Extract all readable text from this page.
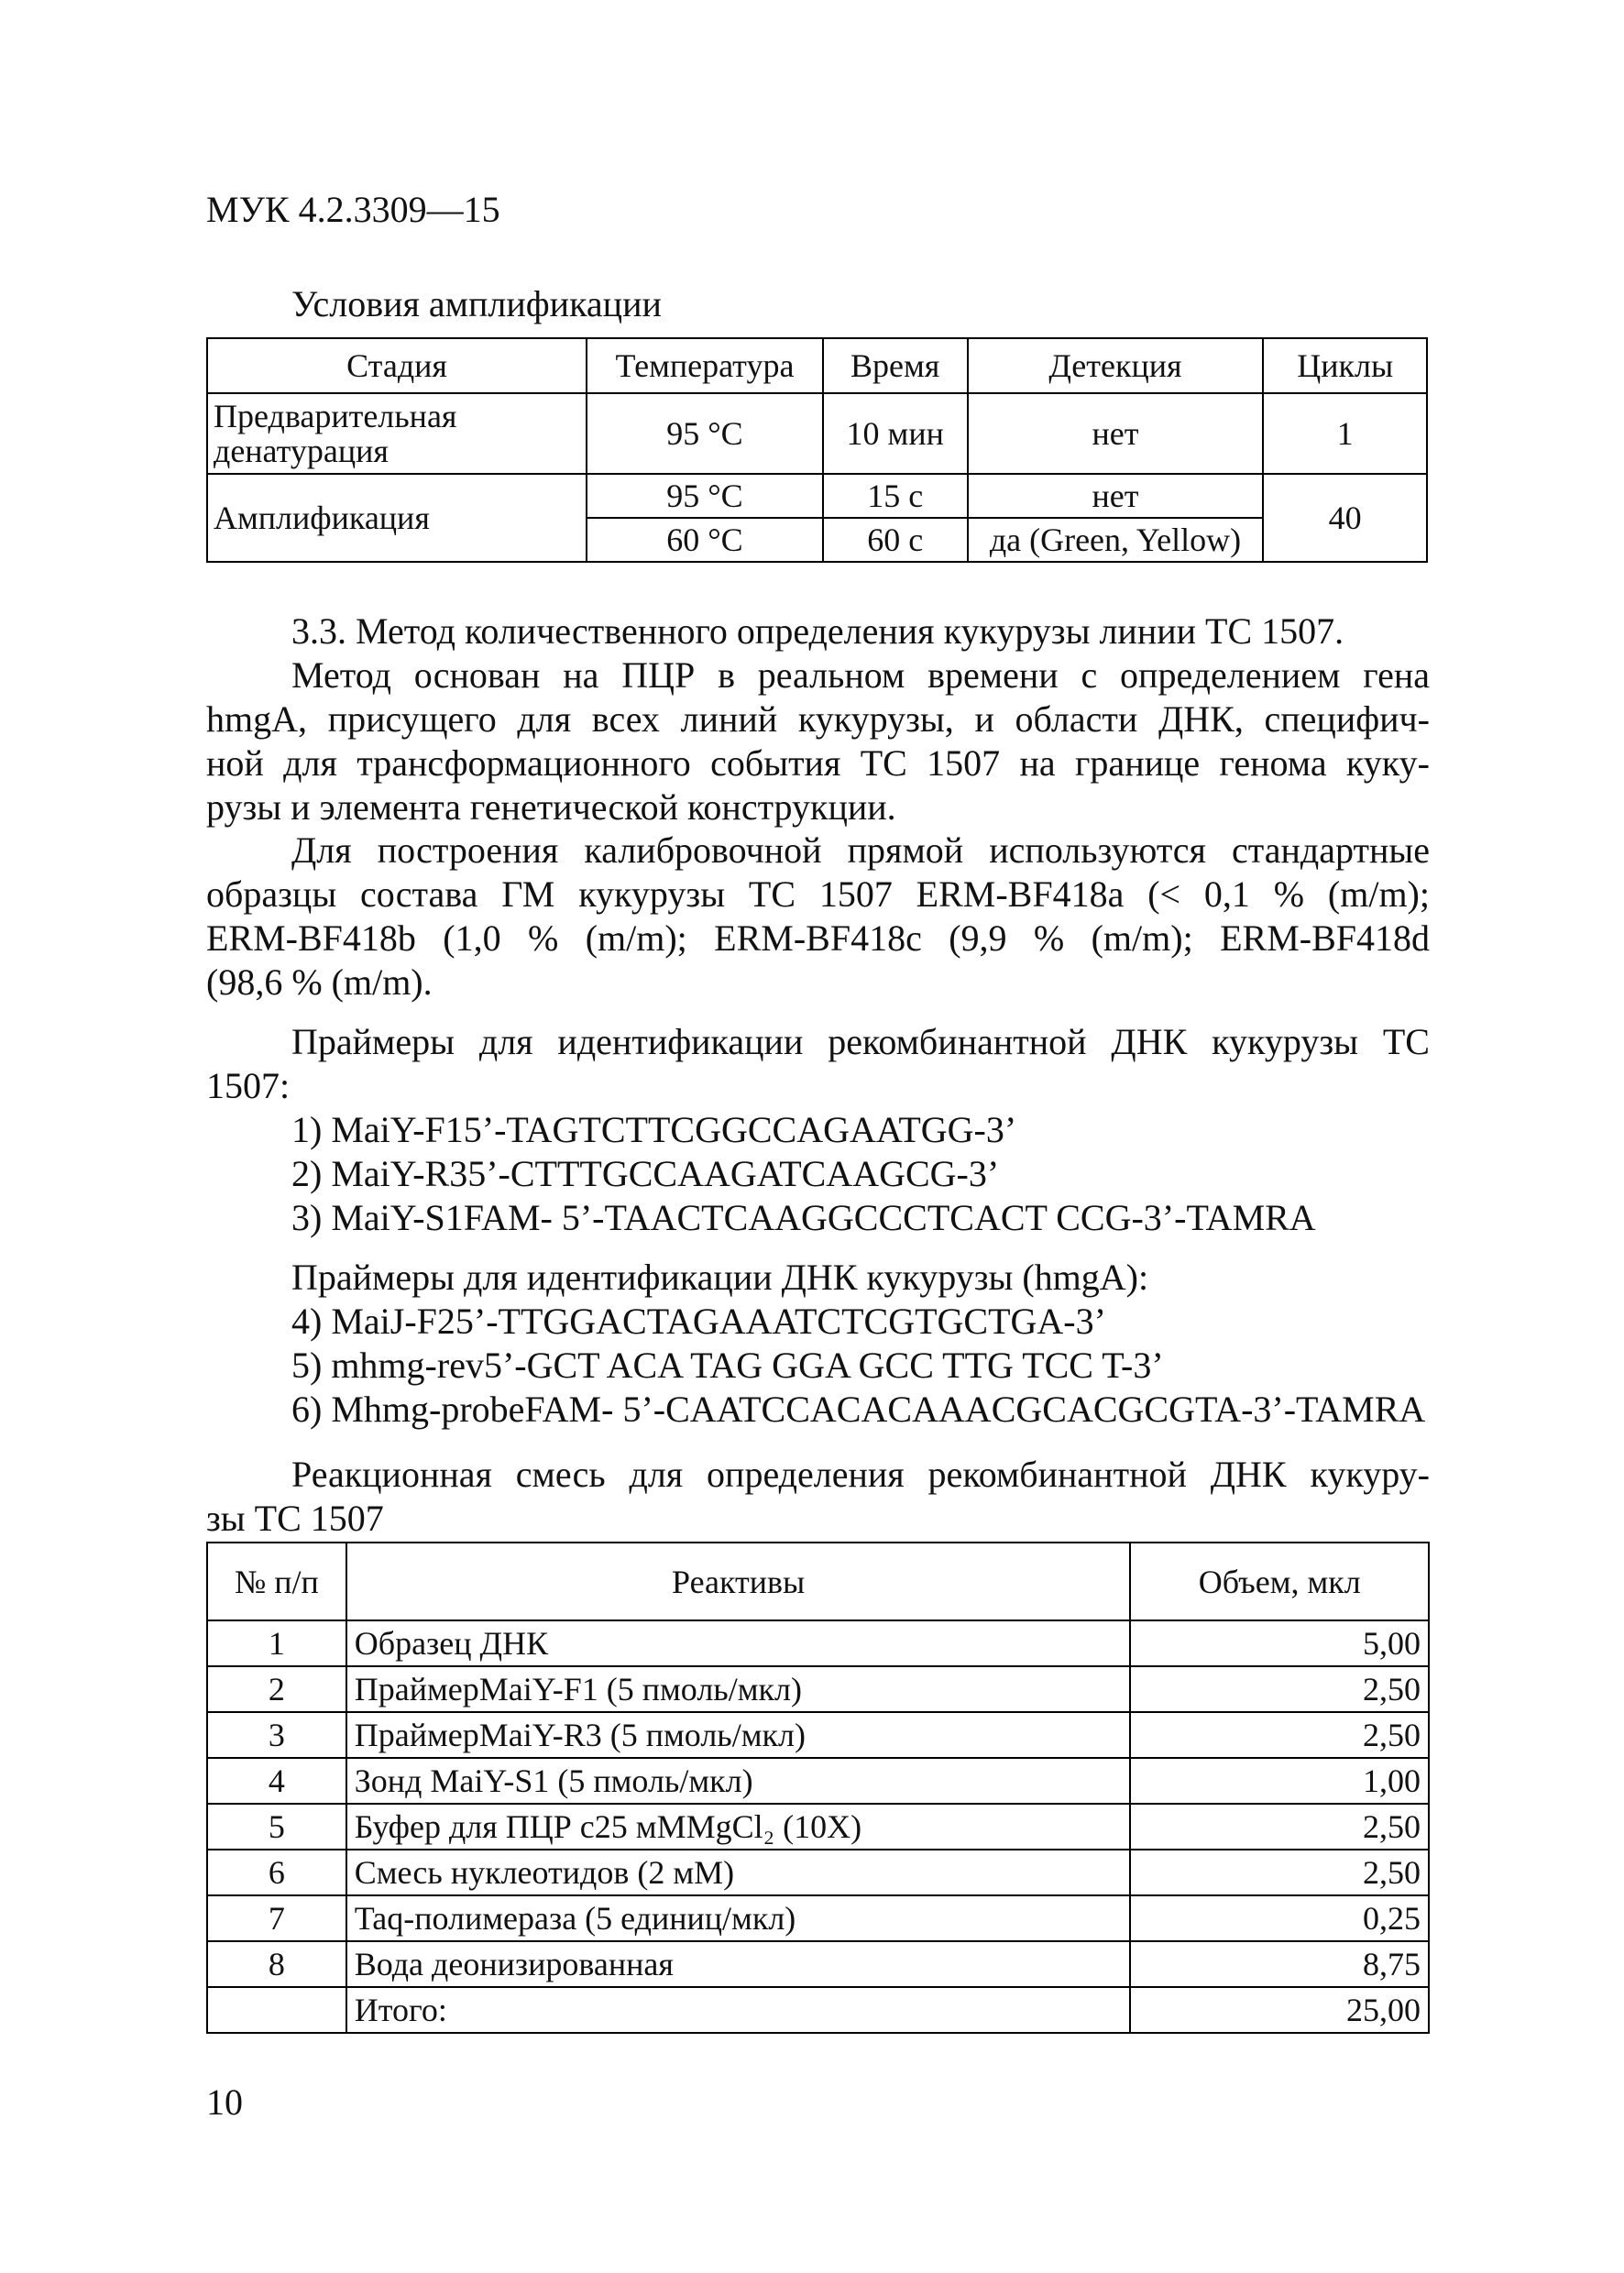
МУК 4.2.3309—15
Условия амплификации
Стадия	Температура	Время	Детекция	Циклы
Предварительная денатурация	95 °С	10 мин	нет	1
Амплификация	95 °С	15 с	нет	40
	60 °С	60 с	да (Green, Yellow)	
3.3. Метод количественного определения кукурузы линии ТС 1507.
Метод основан на ПЦР в реальном времени с определением гена
hmgA, присущего для всех линий кукурузы, и области ДНК, специфич-
ной для трансформационного события ТС 1507 на границе генома куку-
рузы и элемента генетической конструкции.
Для построения калибровочной прямой используются стандартные
образцы состава ГМ кукурузы ТС 1507 ERM-BF418a (< 0,1 % (m/m);
ERM-BF418b (1,0 % (m/m); ERM-BF418c (9,9 % (m/m); ERM-BF418d
(98,6 % (m/m).
Праймеры для идентификации рекомбинантной ДНК кукурузы ТС
1507:
1) MaiY-F15’-TAGTCTTCGGCCAGAATGG-3’
2) MaiY-R35’-CTTTGCCAAGATCAAGCG-3’
3) MaiY-S1FAM- 5’-TAACTCAAGGCCCTCACT CCG-3’-TAMRA
Праймеры для идентификации ДНК кукурузы (hmgA):
4) MaiJ-F25’-TTGGACTAGAAATCTCGTGCTGA-3’
5) mhmg-rev5’-GCT ACA TAG GGA GCC TTG TCC T-3’
6) Mhmg-probeFAM- 5’-CAATCCACACAAACGCACGCGTA-3’-TAMRA
Реакционная смесь для определения рекомбинантной ДНК кукуру-
зы ТС 1507
№ п/п	Реактивы	Объем, мкл
1	Образец ДНК	5,00
2	ПраймерMaiY-F1 (5 пмоль/мкл)	2,50
3	ПраймерMaiY-R3 (5 пмоль/мкл)	2,50
4	Зонд MaiY-S1 (5 пмоль/мкл)	1,00
5	Буфер для ПЦР с25 мMMgCl₂ (10X)	2,50
6	Смесь нуклеотидов (2 мМ)	2,50
7	Taq-полимераза (5 единиц/мкл)	0,25
8	Вода деонизированная	8,75
	Итого:	25,00
10
